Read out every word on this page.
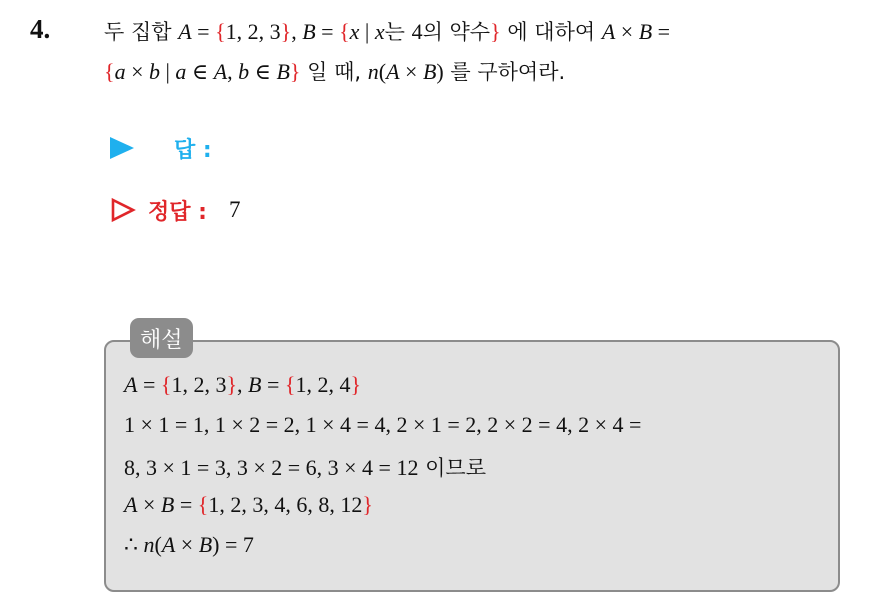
4.	두 집합 A = {1, 2, 3}, B = {x | x는 4의 약수} 에 대하여 A × B =
{a × b | a ∈ A, b ∈ B} 일 때, n(A × B) 를 구하여라.
답 :
정답 : 7
해설
A = {1, 2, 3}, B = {1, 2, 4}
1 × 1 = 1, 1 × 2 = 2, 1 × 4 = 4, 2 × 1 = 2, 2 × 2 = 4, 2 × 4 =
8, 3 × 1 = 3, 3 × 2 = 6, 3 × 4 = 12 이므로
A × B = {1, 2, 3, 4, 6, 8, 12}
∴ n(A × B) = 7
